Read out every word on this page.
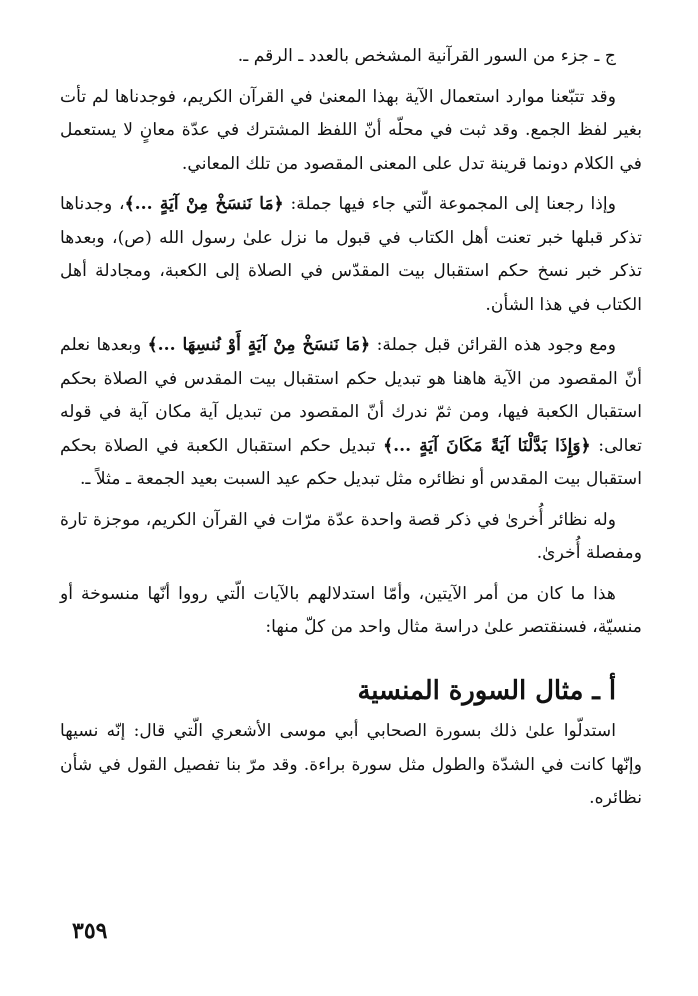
ج ـ جزء من السور القرآنية المشخص بالعدد ـ الرقم ـ.

وقد تتبّعنا موارد استعمال الآية بهذا المعنىٰ في القرآن الكريم، فوجدناها لم تأت بغير لفظ الجمع. وقد ثبت في محلّه أنّ اللفظ المشترك في عدّة معانٍ لا يستعمل في الكلام دونما قرينة تدل على المعنى المقصود من تلك المعاني.

وإذا رجعنا إلى المجموعة الّتي جاء فيها جملة: ﴿مَا نَنسَخْ مِنْ آيَةٍ ...﴾، وجدناها تذكر قبلها خبر تعنت أهل الكتاب في قبول ما نزل علىٰ رسول الله (ص)، وبعدها تذكر خبر نسخ حكم استقبال بيت المقدّس في الصلاة إلى الكعبة، ومجادلة أهل الكتاب في هذا الشأن.

ومع وجود هذه القرائن قبل جملة: ﴿مَا نَنسَخْ مِنْ آيَةٍ أَوْ نُنسِهَا ...﴾ وبعدها نعلم أنّ المقصود من الآية هاهنا هو تبديل حكم استقبال بيت المقدس في الصلاة بحكم استقبال الكعبة فيها، ومن ثمّ ندرك أنّ المقصود من تبديل آية مكان آية في قوله تعالى: ﴿وَإِذَا بَدَّلْنَا آيَةً مَكَانَ آيَةٍ ...﴾ تبديل حكم استقبال الكعبة في الصلاة بحكم استقبال بيت المقدس أو نظائره مثل تبديل حكم عيد السبت بعيد الجمعة ـ مثلاً ـ.

وله نظائر أُخرىٰ في ذكر قصة واحدة عدّة مرّات في القرآن الكريم، موجزة تارة ومفصلة أُخرىٰ.

هذا ما كان من أمر الآيتين، وأمّا استدلالهم بالآيات الّتي رووا أنّها منسوخة أو منسيّة، فسنقتصر علىٰ دراسة مثال واحد من كلّ منها:

أ ـ مثال السورة المنسية

استدلّوا علىٰ ذلك بسورة الصحابي أبي موسى الأشعري الّتي قال: إنّه نسيها وإنّها كانت في الشدّة والطول مثل سورة براءة. وقد مرّ بنا تفصيل القول في شأن نظائره.

٣٥٩
